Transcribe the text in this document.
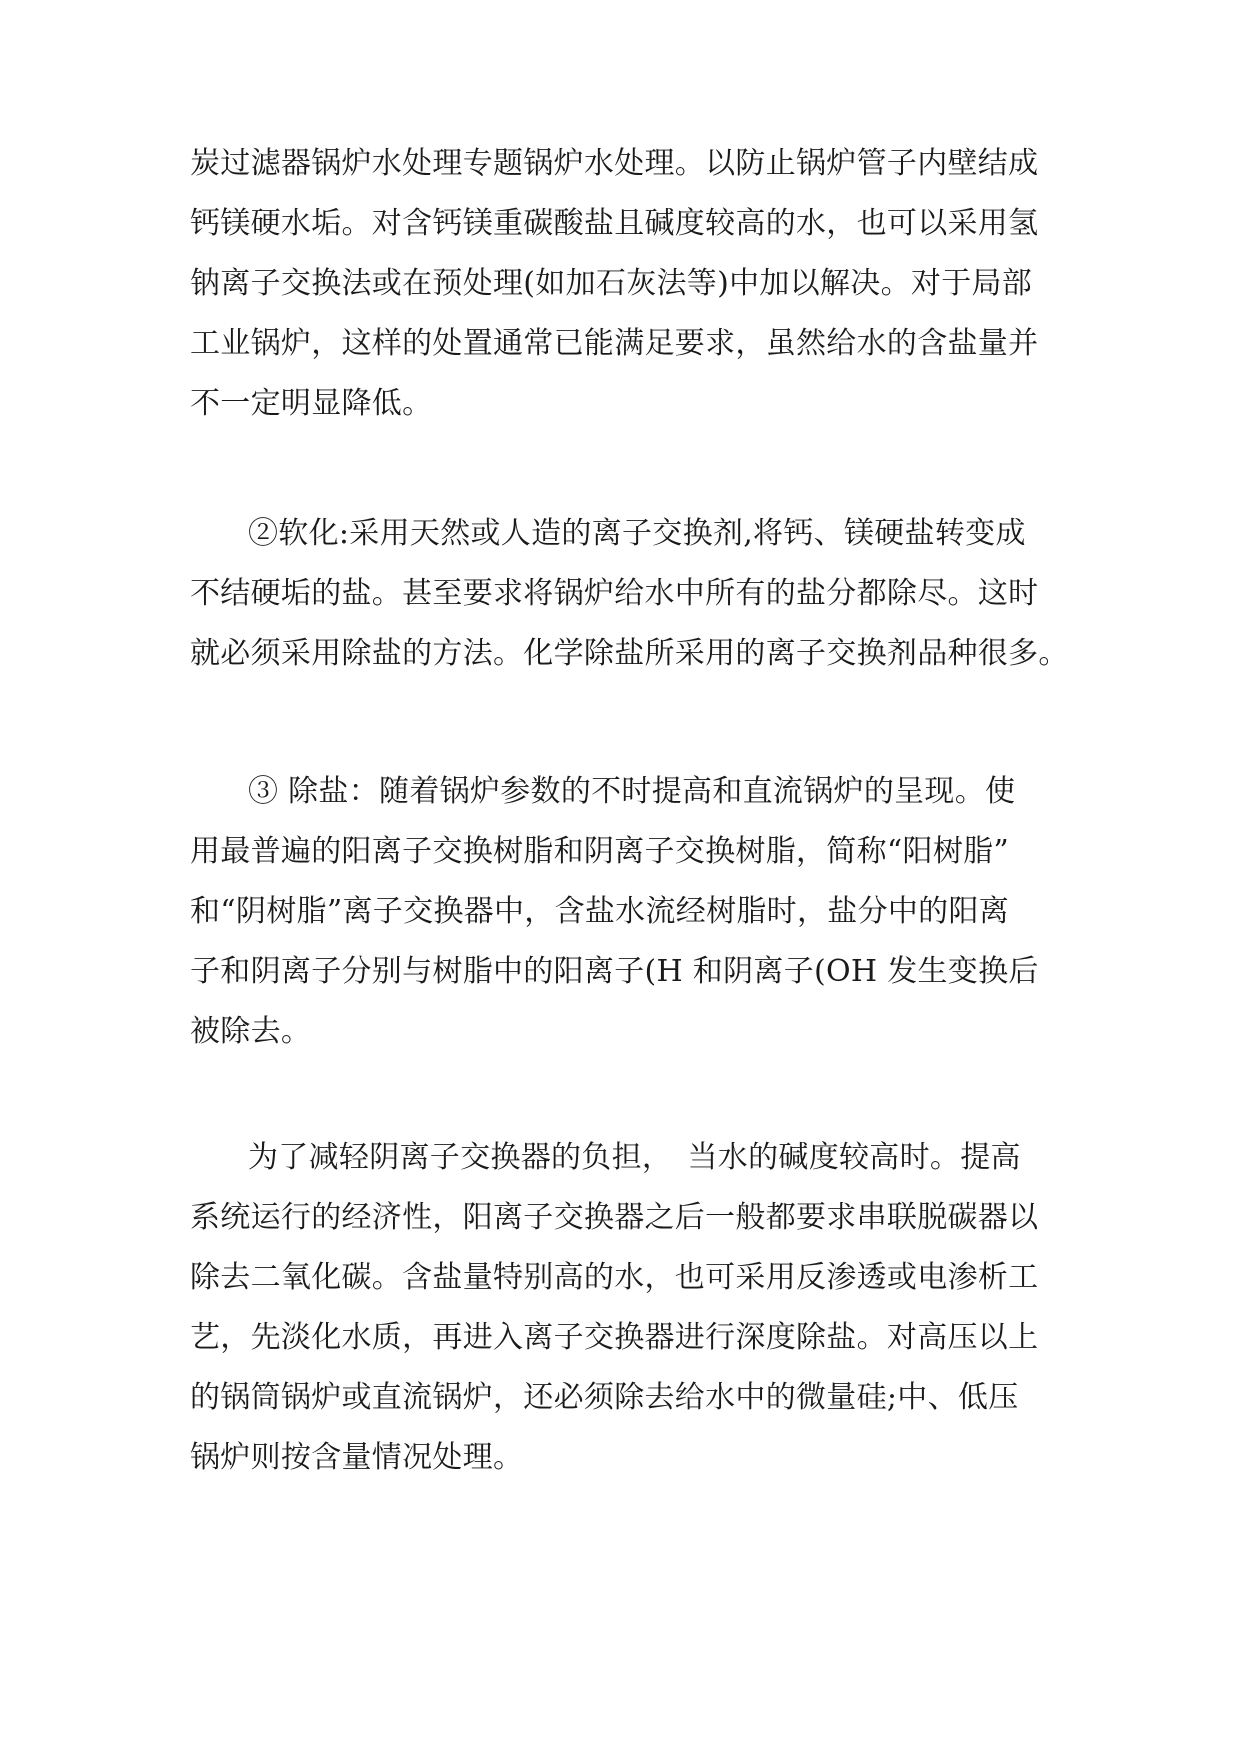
炭过滤器锅炉水处理专题锅炉水处理。以防止锅炉管子内壁结成
钙镁硬水垢。对含钙镁重碳酸盐且碱度较高的水，也可以采用氢
钠离子交换法或在预处理(如加石灰法等)中加以解决。对于局部
工业锅炉，这样的处置通常已能满足要求，虽然给水的含盐量并
不一定明显降低。
②软化:采用天然或人造的离子交换剂,将钙、镁硬盐转变成
不结硬垢的盐。甚至要求将锅炉给水中所有的盐分都除尽。这时
就必须采用除盐的方法。化学除盐所采用的离子交换剂品种很多。
③ 除盐：随着锅炉参数的不时提高和直流锅炉的呈现。使
用最普遍的阳离子交换树脂和阴离子交换树脂，简称“阳树脂”
和“阴树脂”离子交换器中，含盐水流经树脂时，盐分中的阳离
子和阴离子分别与树脂中的阳离子(H 和阴离子(OH 发生变换后
被除去。
为了减轻阴离子交换器的负担，　当水的碱度较高时。提高
系统运行的经济性，阳离子交换器之后一般都要求串联脱碳器以
除去二氧化碳。含盐量特别高的水，也可采用反渗透或电渗析工
艺，先淡化水质，再进入离子交换器进行深度除盐。对高压以上
的锅筒锅炉或直流锅炉，还必须除去给水中的微量硅;中、低压
锅炉则按含量情况处理。
